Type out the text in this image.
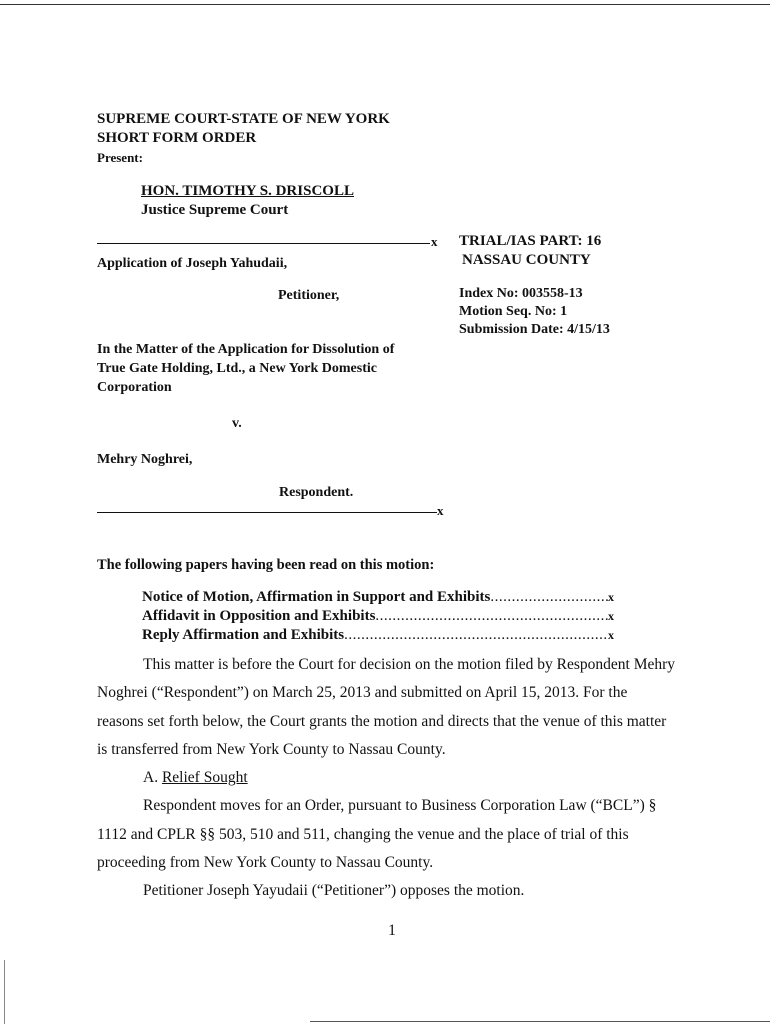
SUPREME COURT-STATE OF NEW YORK
SHORT FORM ORDER
Present:
HON. TIMOTHY S. DRISCOLL
Justice Supreme Court
x TRIAL/IAS PART: 16
NASSAU COUNTY
Application of Joseph Yahudaii,
Petitioner,	Index No: 003558-13
Motion Seq. No: 1
Submission Date: 4/15/13
In the Matter of the Application for Dissolution of
True Gate Holding, Ltd., a New York Domestic
Corporation
v.
Mehry Noghrei,
Respondent.
x
The following papers having been read on this motion:
Notice of Motion, Affirmation in Support and Exhibits .....	x
Affidavit in Opposition and Exhibits .....	x
Reply Affirmation and Exhibits .....	x

This matter is before the Court for decision on the motion filed by Respondent Mehry Noghrei (“Respondent”) on March 25, 2013 and submitted on April 15, 2013. For the reasons set forth below, the Court grants the motion and directs that the venue of this matter is transferred from New York County to Nassau County.

A. Relief Sought

Respondent moves for an Order, pursuant to Business Corporation Law (“BCL”) § 1112 and CPLR §§ 503, 510 and 511, changing the venue and the place of trial of this proceeding from New York County to Nassau County.

Petitioner Joseph Yayudaii (“Petitioner”) opposes the motion.

1
